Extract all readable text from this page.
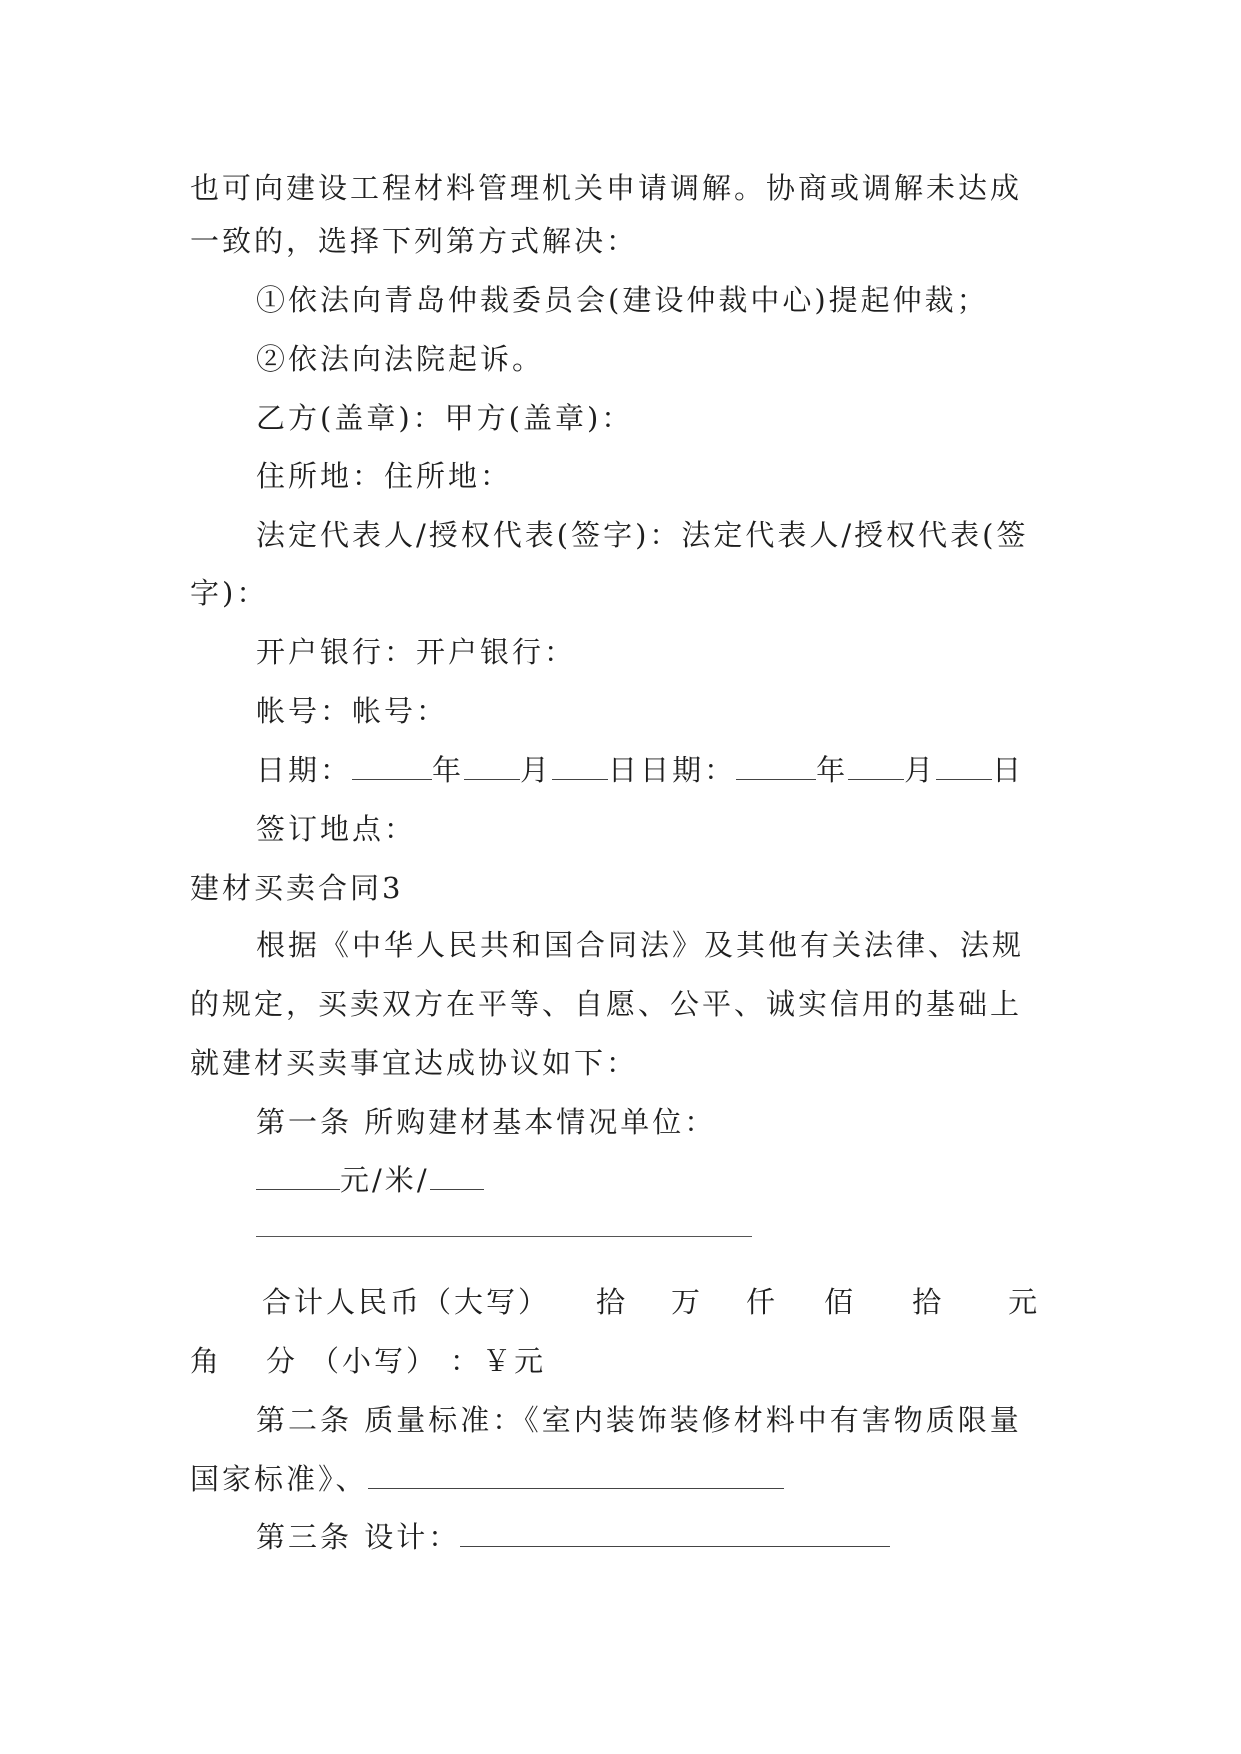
也可向建设工程材料管理机关申请调解。协商或调解未达成
一致的，选择下列第方式解决：
①依法向青岛仲裁委员会(建设仲裁中心)提起仲裁；
②依法向法院起诉。
乙方(盖章)：甲方(盖章)：
住所地：住所地：
法定代表人/授权代表(签字)：法定代表人/授权代表(签
字)：
开户银行：开户银行：
帐号：帐号：
日期：	年 月 日日期：	年 月 日
签订地点：
建材买卖合同3
根据《中华人民共和国合同法》及其他有关法律、法规
的规定，买卖双方在平等、自愿、公平、诚实信用的基础上
就建材买卖事宜达成协议如下：
第一条 所购建材基本情况单位：
元/米/
合计人民币（大写） 拾 万 仟 佰 拾 元
角 分 （小写） ：￥元
第二条 质量标准：《室内装饰装修材料中有害物质限量
国家标准》、
第三条 设计：
